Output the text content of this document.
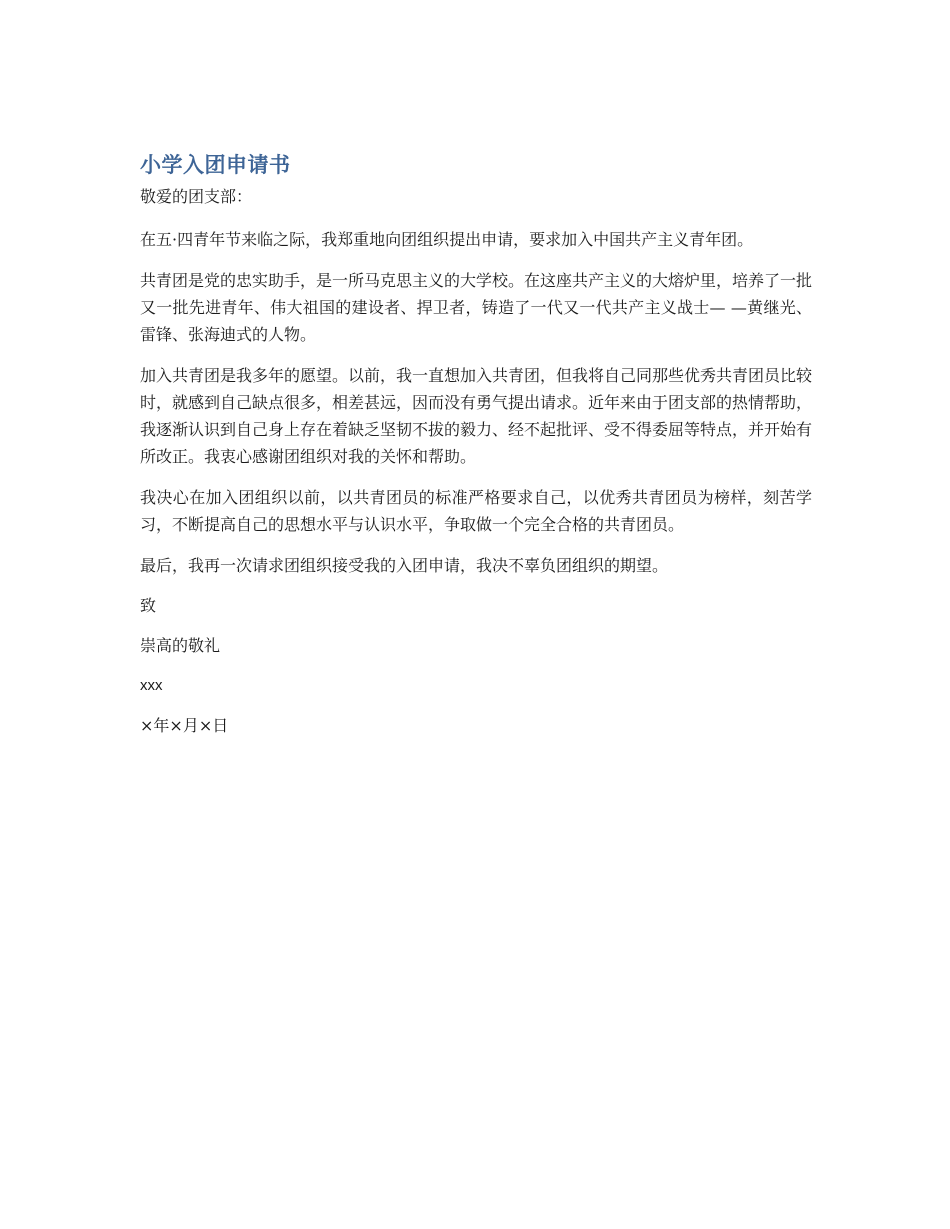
小学入团申请书

敬爱的团支部：

在五·四青年节来临之际，我郑重地向团组织提出申请，要求加入中国共产主义青年团。

共青团是党的忠实助手，是一所马克思主义的大学校。在这座共产主义的大熔炉里，培养了一批又一批先进青年、伟大祖国的建设者、捍卫者，铸造了一代又一代共产主义战士— —黄继光、雷锋、张海迪式的人物。

加入共青团是我多年的愿望。以前，我一直想加入共青团，但我将自己同那些优秀共青团员比较时，就感到自己缺点很多，相差甚远，因而没有勇气提出请求。近年来由于团支部的热情帮助，我逐渐认识到自己身上存在着缺乏坚韧不拔的毅力、经不起批评、受不得委屈等特点，并开始有所改正。我衷心感谢团组织对我的关怀和帮助。

我决心在加入团组织以前，以共青团员的标准严格要求自己，以优秀共青团员为榜样，刻苦学习，不断提高自己的思想水平与认识水平，争取做一个完全合格的共青团员。

最后，我再一次请求团组织接受我的入团申请，我决不辜负团组织的期望。

致

崇高的敬礼

xxx

×年×月×日
